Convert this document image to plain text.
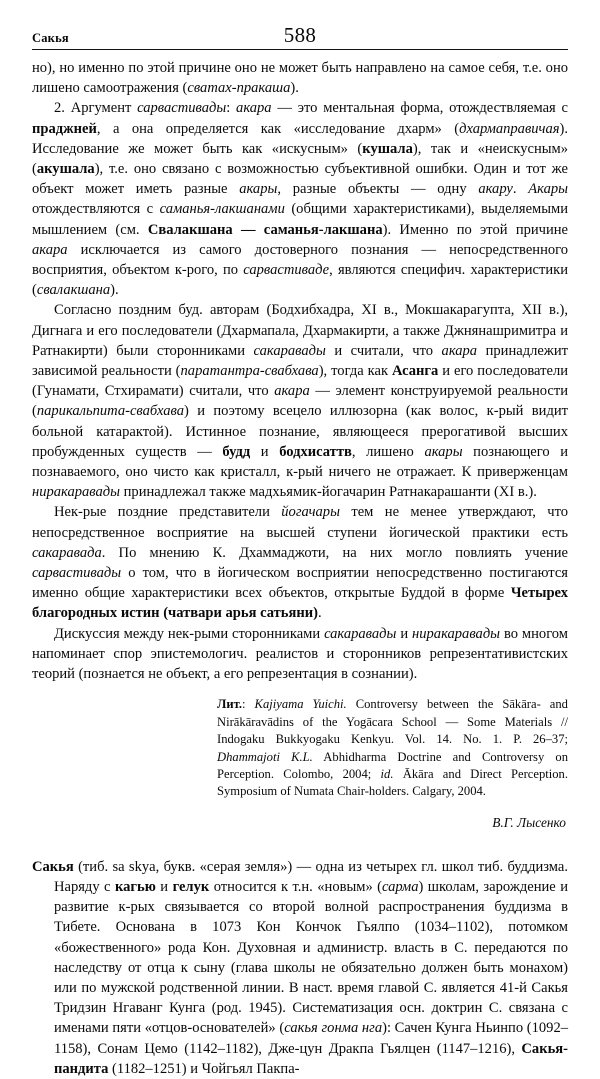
Сакья	588

но), но именно по этой причине оно не может быть направлено на самое себя, т.е. оно лишено самоотражения (сватах-пракаша).

2. Аргумент сарвастивады: акара — это ментальная форма, отождествляемая с праджней, а она определяется как «исследование дхарм» (дхармаправичая). Исследование же может быть как «искусным» (кушала), так и «неискусным» (акушала), т.е. оно связано с возможностью субъективной ошибки. Один и тот же объект может иметь разные акары, разные объекты — одну акару. Акары отождествляются с саманья-лакшанами (общими характеристиками), выделяемыми мышлением (см. Свалакшана — саманья-лакшана). Именно по этой причине акара исключается из самого достоверного познания — непосредственного восприятия, объектом к-рого, по сарвастиваде, являются специфич. характеристики (свалакшана).

Согласно поздним буд. авторам (Бодхибхадра, XI в., Мокшакарагупта, XII в.), Дигнага и его последователи (Дхармапала, Дхармакирти, а также Джнянашримитра и Ратнакирти) были сторонниками сакаравады и считали, что акара принадлежит зависимой реальности (паратантра-свабхава), тогда как Асанга и его последователи (Гунамати, Стхирамати) считали, что акара — элемент конструируемой реальности (парикальпита-свабхава) и поэтому всецело иллюзорна (как волос, к-рый видит больной катарактой). Истинное познание, являющееся прерогативой высших пробужденных существ — будд и бодхисаттв, лишено акары познающего и познаваемого, оно чисто как кристалл, к-рый ничего не отражает. К приверженцам ниракаравады принадлежал также мадхьямик-йогачарин Ратнакарашанти (XI в.).

Нек-рые поздние представители йогачары тем не менее утверждают, что непосредственное восприятие на высшей ступени йогической практики есть сакаравада. По мнению К. Дхаммаджоти, на них могло повлиять учение сарвастивады о том, что в йогическом восприятии непосредственно постигаются именно общие характеристики всех объектов, открытые Буддой в форме Четырех благородных истин (чатвари арья сатьяни).

Дискуссия между нек-рыми сторонниками сакаравады и ниракаравады во многом напоминает спор эпистемологич. реалистов и сторонников репрезентативистских теорий (познается не объект, а его репрезентация в сознании).

Лит.: Kajiyama Yuichi. Controversy between the Sākāra- and Nirākāravādins of the Yogācara School — Some Materials // Indogaku Bukkyogaku Kenkyu. Vol. 14. No. 1. P. 26–37; Dhammajoti K.L. Abhidharma Doctrine and Controversy on Perception. Colombo, 2004; id. Ākāra and Direct Perception. Symposium of Numata Chair-holders. Calgary, 2004.

В.Г. Лысенко

Сакья (тиб. sa skya, букв. «серая земля») — одна из четырех гл. школ тиб. буддизма. Наряду с кагью и гелук относится к т.н. «новым» (сарма) школам, зарождение и развитие к-рых связывается со второй волной распространения буддизма в Тибете. Основана в 1073 Кон Кончок Гьялпо (1034–1102), потомком «божественного» рода Кон. Духовная и администр. власть в С. передаются по наследству от отца к сыну (глава школы не обязательно должен быть монахом) или по мужской родственной линии. В наст. время главой С. является 41-й Сакья Тридзин Нгаванг Кунга (род. 1945). Систематизация осн. доктрин С. связана с именами пяти «отцов-основателей» (сакья гонма нга): Сачен Кунга Ньинпо (1092–1158), Сонам Цемо (1142–1182), Дже-цун Дракпа Гьялцен (1147–1216), Сакья-пандита (1182–1251) и Чойгьял Пакпа-
